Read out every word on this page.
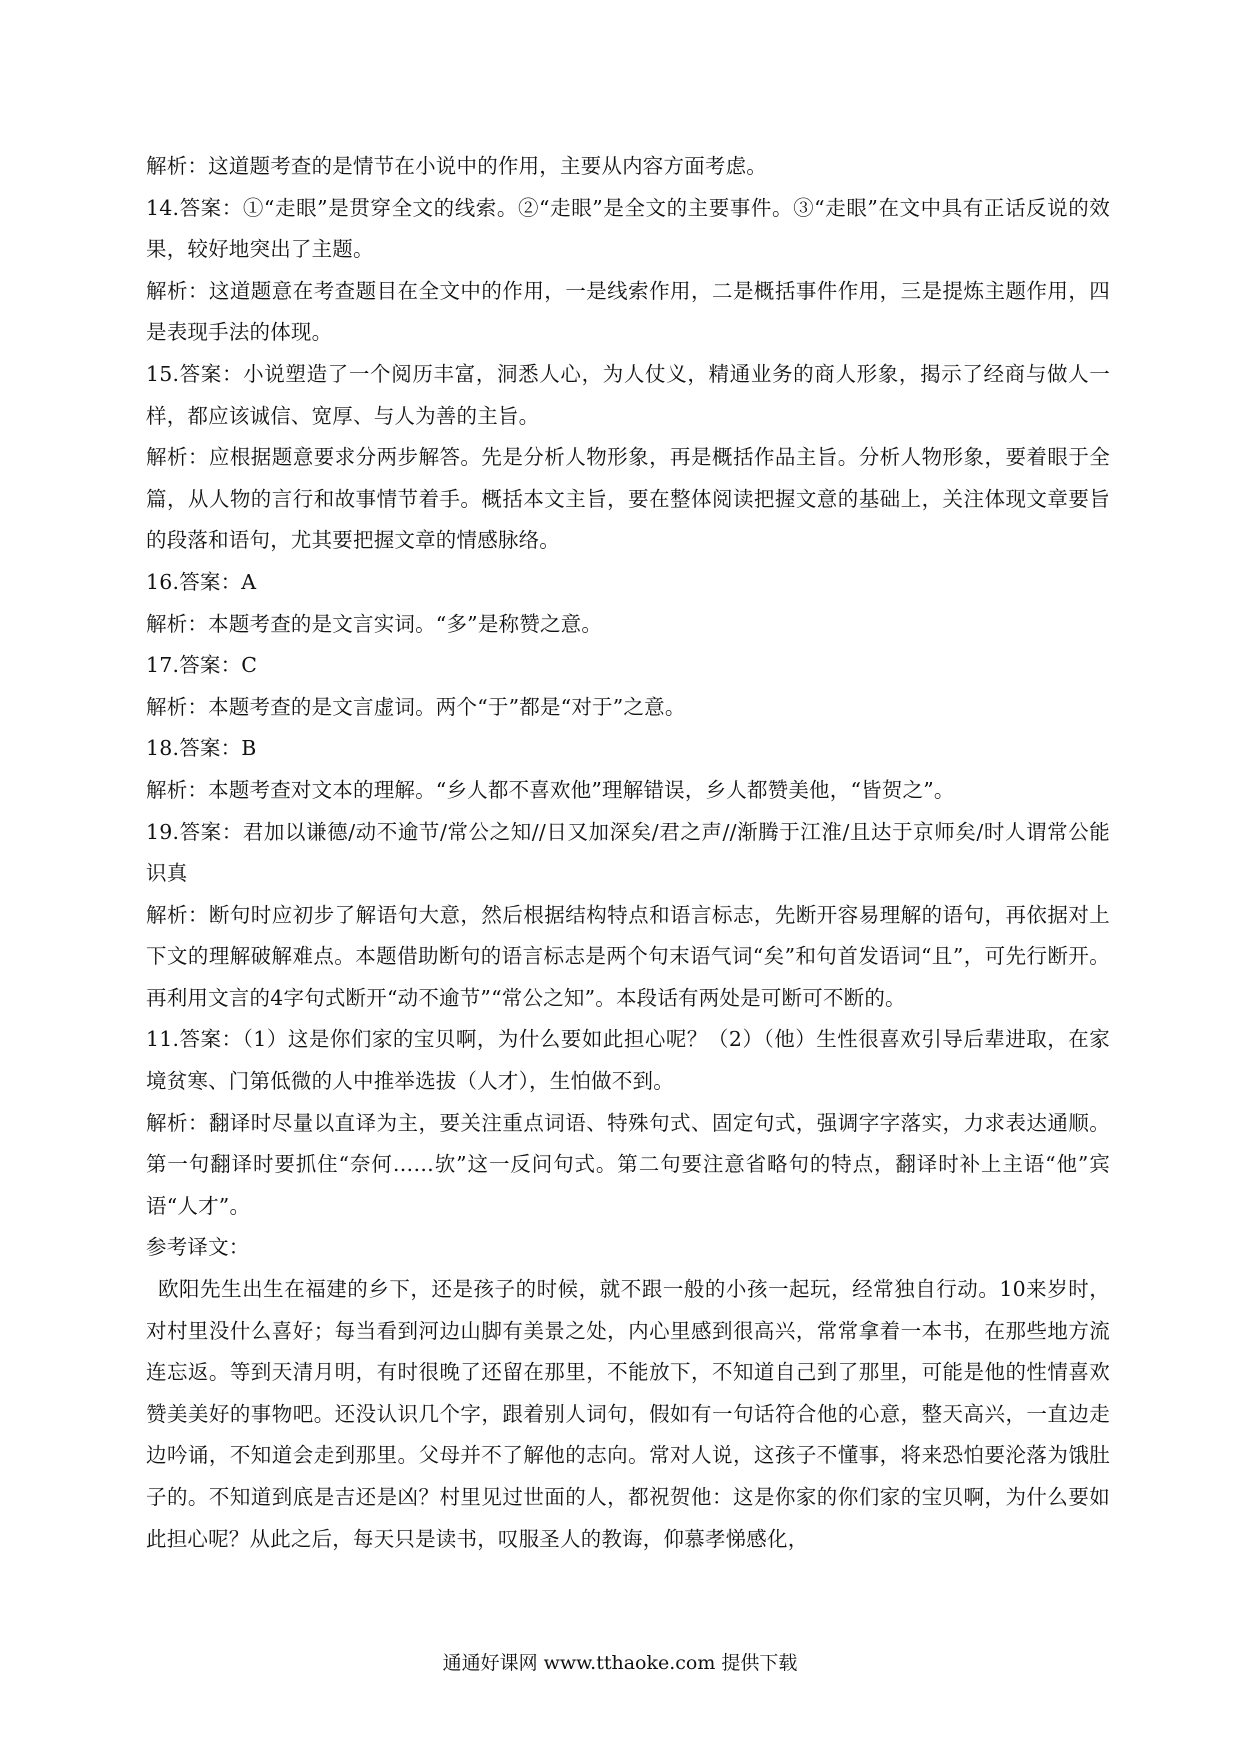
解析：这道题考查的是情节在小说中的作用，主要从内容方面考虑。

14.答案：①“走眼”是贯穿全文的线索。②“走眼”是全文的主要事件。③“走眼”在文中具有正话反说的效果，较好地突出了主题。

解析：这道题意在考查题目在全文中的作用，一是线索作用，二是概括事件作用，三是提炼主题作用，四是表现手法的体现。

15.答案：小说塑造了一个阅历丰富，洞悉人心，为人仗义，精通业务的商人形象，揭示了经商与做人一样，都应该诚信、宽厚、与人为善的主旨。

解析：应根据题意要求分两步解答。先是分析人物形象，再是概括作品主旨。分析人物形象，要着眼于全篇，从人物的言行和故事情节着手。概括本文主旨，要在整体阅读把握文意的基础上，关注体现文章要旨的段落和语句，尤其要把握文章的情感脉络。

16.答案：A

解析：本题考查的是文言实词。“多”是称赞之意。

17.答案：C

解析：本题考查的是文言虚词。两个“于”都是“对于”之意。

18.答案：B

解析：本题考查对文本的理解。“乡人都不喜欢他”理解错误，乡人都赞美他，“皆贺之”。

19.答案：君加以谦德/动不逾节/常公之知//日又加深矣/君之声//渐腾于江淮/且达于京师矣/时人谓常公能识真

解析：断句时应初步了解语句大意，然后根据结构特点和语言标志，先断开容易理解的语句，再依据对上下文的理解破解难点。本题借助断句的语言标志是两个句末语气词“矣”和句首发语词“且”，可先行断开。再利用文言的4字句式断开“动不逾节”“常公之知”。本段话有两处是可断可不断的。

11.答案：（1）这是你们家的宝贝啊，为什么要如此担心呢？（2）（他）生性很喜欢引导后辈进取，在家境贫寒、门第低微的人中推举选拔（人才），生怕做不到。

解析：翻译时尽量以直译为主，要关注重点词语、特殊句式、固定句式，强调字字落实，力求表达通顺。第一句翻译时要抓住“奈何……欤”这一反问句式。第二句要注意省略句的特点，翻译时补上主语“他”宾语“人才”。

参考译文：

欧阳先生出生在福建的乡下，还是孩子的时候，就不跟一般的小孩一起玩，经常独自行动。10来岁时，对村里没什么喜好；每当看到河边山脚有美景之处，内心里感到很高兴，常常拿着一本书，在那些地方流连忘返。等到天清月明，有时很晚了还留在那里，不能放下，不知道自己到了那里，可能是他的性情喜欢赞美美好的事物吧。还没认识几个字，跟着别人词句，假如有一句话符合他的心意，整天高兴，一直边走边吟诵，不知道会走到那里。父母并不了解他的志向。常对人说，这孩子不懂事，将来恐怕要沦落为饿肚子的。不知道到底是吉还是凶？村里见过世面的人，都祝贺他：这是你家的你们家的宝贝啊，为什么要如此担心呢？从此之后，每天只是读书，叹服圣人的教诲，仰慕孝悌感化，

通通好课网 www.tthaoke.com 提供下载
